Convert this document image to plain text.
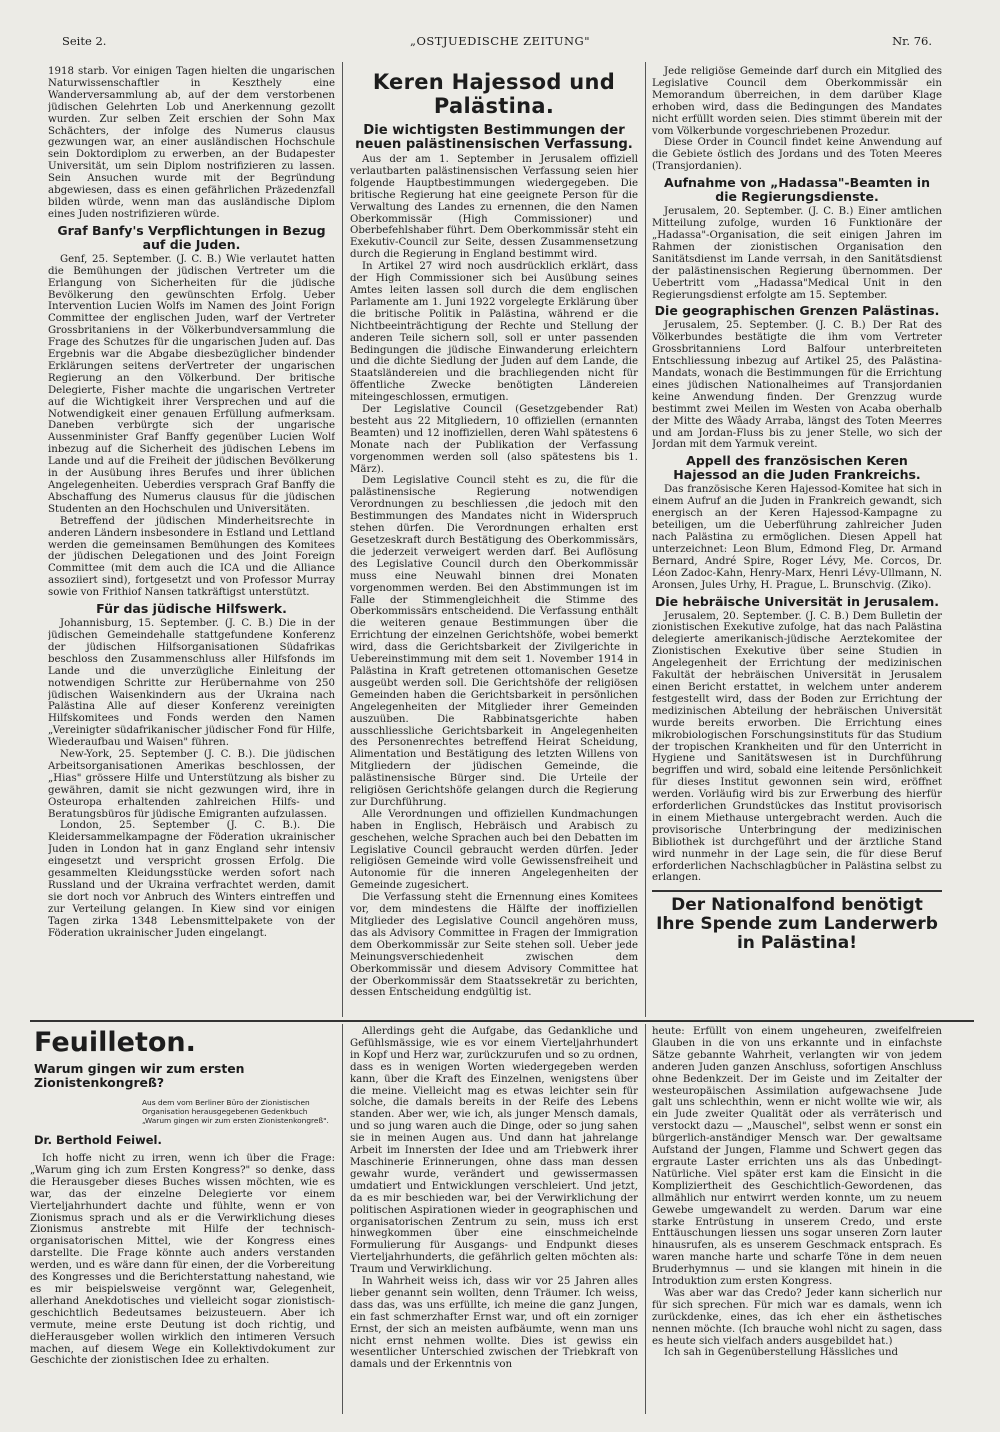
Seite 2.	„OSTJUEDISCHE ZEITUNG"	Nr. 76.

1918 starb. Vor einigen Tagen hielten die ungarischen Naturwissenschaftler in Keszthely eine Wanderversammlung ab, auf der dem verstorbenen jüdischen Gelehrten Lob und Anerkennung gezollt wurden. Zur selben Zeit erschien der Sohn Max Schächters, der infolge des Numerus clausus gezwungen war, an einer ausländischen Hochschule sein Doktordiplom zu erwerben, an der Budapester Universität, um sein Diplom nostrifizieren zu lassen. Sein Ansuchen wurde mit der Begründung abgewiesen, dass es einen gefährlichen Präzedenzfall bilden würde, wenn man das ausländische Diplom eines Juden nostrifizieren würde.

Graf Banfy's Verpflichtungen in Bezug auf die Juden.

Genf, 25. September. (J. C. B.) Wie verlautet hatten die Bemühungen der jüdischen Vertreter um die Erlangung von Sicherheiten für die jüdische Bevölkerung den gewünschten Erfolg. Ueber Intervention Lucien Wolfs im Namen des Joint Forign Committee der englischen Juden, warf der Vertreter Grossbritaniens in der Völkerbundversammlung die Frage des Schutzes für die ungarischen Juden auf. Das Ergebnis war die Abgabe diesbezüglicher bindender Erklärungen seitens derVertreter der ungarischen Regierung an den Völkerbund. Der britische Delegierte, Fisher machte die ungarischen Vertreter auf die Wichtigkeit ihrer Versprechen und auf die Notwendigkeit einer genauen Erfüllung aufmerksam. Daneben verbürgte sich der ungarische Aussenminister Graf Banffy gegenüber Lucien Wolf inbezug auf die Sicherheit des jüdischen Lebens im Lande und auf die Freiheit der jüdischen Bevölkerung in der Ausübung ihres Berufes und ihrer üblichen Angelegenheiten. Ueberdies versprach Graf Banffy die Abschaffung des Numerus clausus für die jüdischen Studenten an den Hochschulen und Universitäten.

Betreffend der jüdischen Minderheitsrechte in anderen Ländern insbesondere in Estland und Lettland werden die gemeinsamen Bemühungen des Komitees der jüdischen Delegationen und des Joint Foreign Committee (mit dem auch die ICA und die Alliance assoziiert sind), fortgesetzt und von Professor Murray sowie von Frithiof Nansen tatkräftigst unterstützt.

Für das jüdische Hilfswerk.

Johannisburg, 15. September. (J. C. B.) Die in der jüdischen Gemeindehalle stattgefundene Konferenz der jüdischen Hilfsorganisationen Südafrikas beschloss den Zusammenschluss aller Hilfsfonds im Lande und die unverzügliche Einleitung der notwendigen Schritte zur Herübernahme von 250 jüdischen Waisenkindern aus der Ukraina nach Palästina Alle auf dieser Konferenz vereinigten Hilfskomitees und Fonds werden den Namen „Vereinigter südafrikanischer jüdischer Fond für Hilfe, Wiederaufbau und Waisen" führen.

New-York, 25. September (J. C. B.). Die jüdischen Arbeitsorganisationen Amerikas beschlossen, der „Hias" grössere Hilfe und Unterstützung als bisher zu gewähren, damit sie nicht gezwungen wird, ihre in Osteuropa erhaltenden zahlreichen Hilfs- und Beratungsbüros für jüdische Emigranten aufzulassen.

London, 25. September (J. C. B.). Die Kleidersammelkampagne der Föderation ukrainischer Juden in London hat in ganz England sehr intensiv eingesetzt und verspricht grossen Erfolg. Die gesammelten Kleidungsstücke werden sofort nach Russland und der Ukraina verfrachtet werden, damit sie dort noch vor Anbruch des Winters eintreffen und zur Verteilung gelangen. In Kiew sind vor einigen Tagen zirka 1348 Lebensmittelpakete von der Föderation ukrainischer Juden eingelangt.

Keren Hajessod und Palästina.
Die wichtigsten Bestimmungen der neuen palästinensischen Verfassung.

Aus der am 1. September in Jerusalem offiziell verlautbarten palästinensischen Verfassung seien hier folgende Hauptbestimmungen wiedergegeben. Die britische Regierung hat eine geeignete Person für die Verwaltung des Landes zu ernennen, die den Namen Oberkommissär (High Commissioner) und Oberbefehlshaber führt. Dem Oberkommissär steht ein Exekutiv-Council zur Seite, dessen Zusammensetzung durch die Regierung in England bestimmt wird.

In Artikel 27 wird noch ausdrücklich erklärt, dass der High Commissioner sich bei Ausübung seines Amtes leiten lassen soll durch die dem englischen Parlamente am 1. Juni 1922 vorgelegte Erklärung über die britische Politik in Palästina, während er die Nichtbeeinträchtigung der Rechte und Stellung der anderen Teile sichern soll, soll er unter passenden Bedingungen die jüdische Einwanderung erleichtern und die dichte Siedlung der Juden auf dem Lande, die Staatsländereien und die brachliegenden nicht für öffentliche Zwecke benötigten Ländereien miteingeschlossen, ermutigen.

Der Legislative Council (Gesetzgebender Rat) besteht aus 22 Mitgliedern, 10 offiziellen (ernannten Beamten) und 12 inoffiziellen, deren Wahl spätestens 6 Monate nach der Publikation der Verfassung vorgenommen werden soll (also spätestens bis 1. März).

Dem Legislative Council steht es zu, die für die palästinensische Regierung notwendigen Verordnungen zu beschliessen ,die jedoch mit den Bestimmungen des Mandates nicht in Widerspruch stehen dürfen. Die Verordnungen erhalten erst Gesetzeskraft durch Bestätigung des Oberkommissärs, die jederzeit verweigert werden darf. Bei Auflösung des Legislative Council durch den Oberkommissär muss eine Neuwahl binnen drei Monaten vorgenommen werden. Bei den Abstimmungen ist im Falle der Stimmengleichheit die Stimme des Oberkommissärs entscheidend. Die Verfassung enthält die weiteren genaue Bestimmungen über die Errichtung der einzelnen Gerichtshöfe, wobei bemerkt wird, dass die Gerichtsbarkeit der Zivilgerichte in Uebereinstimmung mit dem seit 1. November 1914 in Palästina in Kraft getretenen ottomanischen Gesetze ausgeübt werden soll. Die Gerichtshöfe der religiösen Gemeinden haben die Gerichtsbarkeit in persönlichen Angelegenheiten der Mitglieder ihrer Gemeinden auszuüben. Die Rabbinatsgerichte haben ausschliessliche Gerichtsbarkeit in Angelegenheiten des Personenrechtes betreffend Heirat Scheidung, Alimentation und Bestätigung des letzten Willens von Mitgliedern der jüdischen Gemeinde, die palästinensische Bürger sind. Die Urteile der religiösen Gerichtshöfe gelangen durch die Regierung zur Durchführung.

Alle Verordnungen und offiziellen Kundmachungen haben in Englisch, Hebräisch und Arabisch zu geschehen, welche Sprachen auch bei den Debatten im Legislative Council gebraucht werden dürfen. Jeder religiösen Gemeinde wird volle Gewissensfreiheit und Autonomie für die inneren Angelegenheiten der Gemeinde zugesichert.

Die Verfassung steht die Ernennung eines Komitees vor, dem mindestens die Hälfte der inoffiziellen Mitglieder des Legislative Council angehören muss, das als Advisory Committee in Fragen der Immigration dem Oberkommissär zur Seite stehen soll. Ueber jede Meinungsverschiedenheit zwischen dem Oberkommissär und diesem Advisory Committee hat der Oberkommissär dem Staatssekretär zu berichten, dessen Entscheidung endgültig ist.

Jede religiöse Gemeinde darf durch ein Mitglied des Legislative Council dem Oberkommissär ein Memorandum überreichen, in dem darüber Klage erhoben wird, dass die Bedingungen des Mandates nicht erfüllt worden seien. Dies stimmt überein mit der vom Völkerbunde vorgeschriebenen Prozedur.

Diese Order in Council findet keine Anwendung auf die Gebiete östlich des Jordans und des Toten Meeres (Transjordanien).

Aufnahme von „Hadassa"-Beamten in die Regierungsdienste.

Jerusalem, 20. September. (J. C. B.) Einer amtlichen Mitteilung zufolge, wurden 16 Funktionäre der „Hadassa"-Organisation, die seit einigen Jahren im Rahmen der zionistischen Organisation den Sanitätsdienst im Lande verrsah, in den Sanitätsdienst der palästinensischen Regierung übernommen. Der Uebertritt vom „Hadassa"Medical Unit in den Regierungsdienst erfolgte am 15. September.

Die geographischen Grenzen Palästinas.

Jerusalem, 25. September. (J. C. B.) Der Rat des Völkerbundes bestätigte die ihm vom Vertreter Grossbritanniens Lord Balfour unterbreiteten Entschliessung inbezug auf Artikel 25, des Palästina-Mandats, wonach die Bestimmungen für die Errichtung eines jüdischen Nationalheimes auf Transjordanien keine Anwendung finden. Der Grenzzug wurde bestimmt zwei Meilen im Westen von Acaba oberhalb der Mitte des Wâady Arraba, längst des Toten Meerres und am Jordan-Fluss bis zu jener Stelle, wo sich der Jordan mit dem Yarmuk vereint.

Appell des französischen Keren Hajessod an die Juden Frankreichs.

Das französische Keren Hajessod-Komitee hat sich in einem Aufruf an die Juden in Frankreich gewandt, sich energisch an der Keren Hajessod-Kampagne zu beteiligen, um die Ueberführung zahlreicher Juden nach Palästina zu ermöglichen. Diesen Appell hat unterzeichnet: Leon Blum, Edmond Fleg, Dr. Armand Bernard, André Spire, Roger Lévy, Me. Corcos, Dr. Léon Zadoc-Kahn, Henry-Marx, Henri Lévy-Ullmann, N. Aronsen, Jules Urhy, H. Prague, L. Brunschvig. (Ziko).

Die hebräische Universität in Jerusalem.

Jerusalem, 20. September. (J. C. B.) Dem Bulletin der zionistischen Exekutive zufolge, hat das nach Palästina delegierte amerikanisch-jüdische Aerztekomitee der Zionistischen Exekutive über seine Studien in Angelegenheit der Errichtung der medizinischen Fakultät der hebräischen Universität in Jerusalem einen Bericht erstattet, in welchem unter anderem festgestellt wird, dass der Boden zur Errichtung der medizinischen Abteilung der hebräischen Universität wurde bereits erworben. Die Errichtung eines mikrobiologischen Forschungsinstituts für das Studium der tropischen Krankheiten und für den Unterricht in Hygiene und Sanitätswesen ist in Durchführung begriffen und wird, sobald eine leitende Persönlichkeit für dieses Institut gewonnen sein wird, eröffnet werden. Vorläufig wird bis zur Erwerbung des hierfür erforderlichen Grundstückes das Institut provisorisch in einem Miethause untergebracht werden. Auch die provisorische Unterbringung der medizinischen Bibliothek ist durchgeführt und der ärztliche Stand wird nunmehr in der Lage sein, die für diese Beruf erforderlichen Nachschlagbücher in Palästina selbst zu erlangen.

Der Nationalfond benötigt Ihre Spende zum Landerwerb in Palästina!
Feuilleton.
Warum gingen wir zum ersten Zionistenkongreß?
Aus dem vom Berliner Büro der Zionistischen Organisation herausgegebenen Gedenkbuch „Warum gingen wir zum ersten Zionistenkongreß".
Dr. Berthold Feiwel.

Ich hoffe nicht zu irren, wenn ich über die Frage: „Warum ging ich zum Ersten Kongress?" so denke, dass die Herausgeber dieses Buches wissen möchten, wie es war, das der einzelne Delegierte vor einem Vierteljahrhundert dachte und fühlte, wenn er von Zionismus sprach und als er die Verwirklichung dieses Zionismus anstrebte mit Hilfe der technisch-organisatorischen Mittel, wie der Kongress eines darstellte. Die Frage könnte auch anders verstanden werden, und es wäre dann für einen, der die Vorbereitung des Kongresses und die Berichterstattung nahestand, wie es mir beispielsweise vergönnt war, Gelegenheit, allerhand Anekdotisches und vielleicht sogar zionistisch-geschichtlich Bedeutsames beizusteuern. Aber ich vermute, meine erste Deutung ist doch richtig, und dieHerausgeber wollen wirklich den intimeren Versuch machen, auf diesem Wege ein Kollektivdokument zur Geschichte der zionistischen Idee zu erhalten.

Allerdings geht die Aufgabe, das Gedankliche und Gefühlsmässige, wie es vor einem Vierteljahrhundert in Kopf und Herz war, zurückzurufen und so zu ordnen, dass es in wenigen Worten wiedergegeben werden kann, über die Kraft des Einzelnen, wenigstens über die meine. Vielleicht mag es etwas leichter sein für solche, die damals bereits in der Reife des Lebens standen. Aber wer, wie ich, als junger Mensch damals, und so jung waren auch die Dinge, oder so jung sahen sie in meinen Augen aus. Und dann hat jahrelange Arbeit im Innersten der Idee und am Triebwerk ihrer Maschinerie Erinnerungen, ohne dass man dessen gewahr wurde, verändert und gewissermassen umdatiert und Entwicklungen verschleiert. Und jetzt, da es mir beschieden war, bei der Verwirklichung der politischen Aspirationen wieder in geographischen und organisatorischen Zentrum zu sein, muss ich erst hinwegkommen über eine einschmeichelnde Formulierung für Ausgangs- und Endpunkt dieses Vierteljahrhunderts, die gefährlich gelten möchten als: Traum und Verwirklichung.

In Wahrheit weiss ich, dass wir vor 25 Jahren alles lieber genannt sein wollten, denn Träumer. Ich weiss, dass das, was uns erfüllte, ich meine die ganz Jungen, ein fast schmerzhafter Ernst war, und oft ein zorniger Ernst, der sich an meisten aufbäumte, wenn man uns nicht ernst nehmen wollte. Dies ist gewiss ein wesentlicher Unterschied zwischen der Triebkraft von damals und der Erkenntnis von

heute: Erfüllt von einem ungeheuren, zweifelfreien Glauben in die von uns erkannte und in einfachste Sätze gebannte Wahrheit, verlangten wir von jedem anderen Juden ganzen Anschluss, sofortigen Anschluss ohne Bedenkzeit. Der im Geiste und im Zeitalter der westeuropäischen Assimilation aufgewachsene Jude galt uns schlechthin, wenn er nicht wollte wie wir, als ein Jude zweiter Qualität oder als verräterisch und verstockt dazu — „Mauschel", selbst wenn er sonst ein bürgerlich-anständiger Mensch war. Der gewaltsame Aufstand der Jungen, Flamme und Schwert gegen das ergraute Laster errichten uns als das Unbedingt-Natürliche. Viel später erst kam die Einsicht in die Kompliziertheit des Geschichtlich-Gewordenen, das allmählich nur entwirrt werden konnte, um zu neuem Gewebe umgewandelt zu werden. Darum war eine starke Entrüstung in unserem Credo, und erste Enttäuschungen liessen uns sogar unseren Zorn lauter hinausrufen, als es unserem Geschmack entsprach. Es waren manche harte und scharfe Töne in dem neuen Bruderhymnus — und sie klangen mit hinein in die Introduktion zum ersten Kongress.

Was aber war das Credo? Jeder kann sicherlich nur für sich sprechen. Für mich war es damals, wenn ich zurückdenke, eines, das ich eher ein ästhetisches nennen möchte. (Ich brauche wohl nicht zu sagen, dass es heute sich vielfach anders ausgebildet hat.)

Ich sah in Gegenüberstellung Hässliches und
